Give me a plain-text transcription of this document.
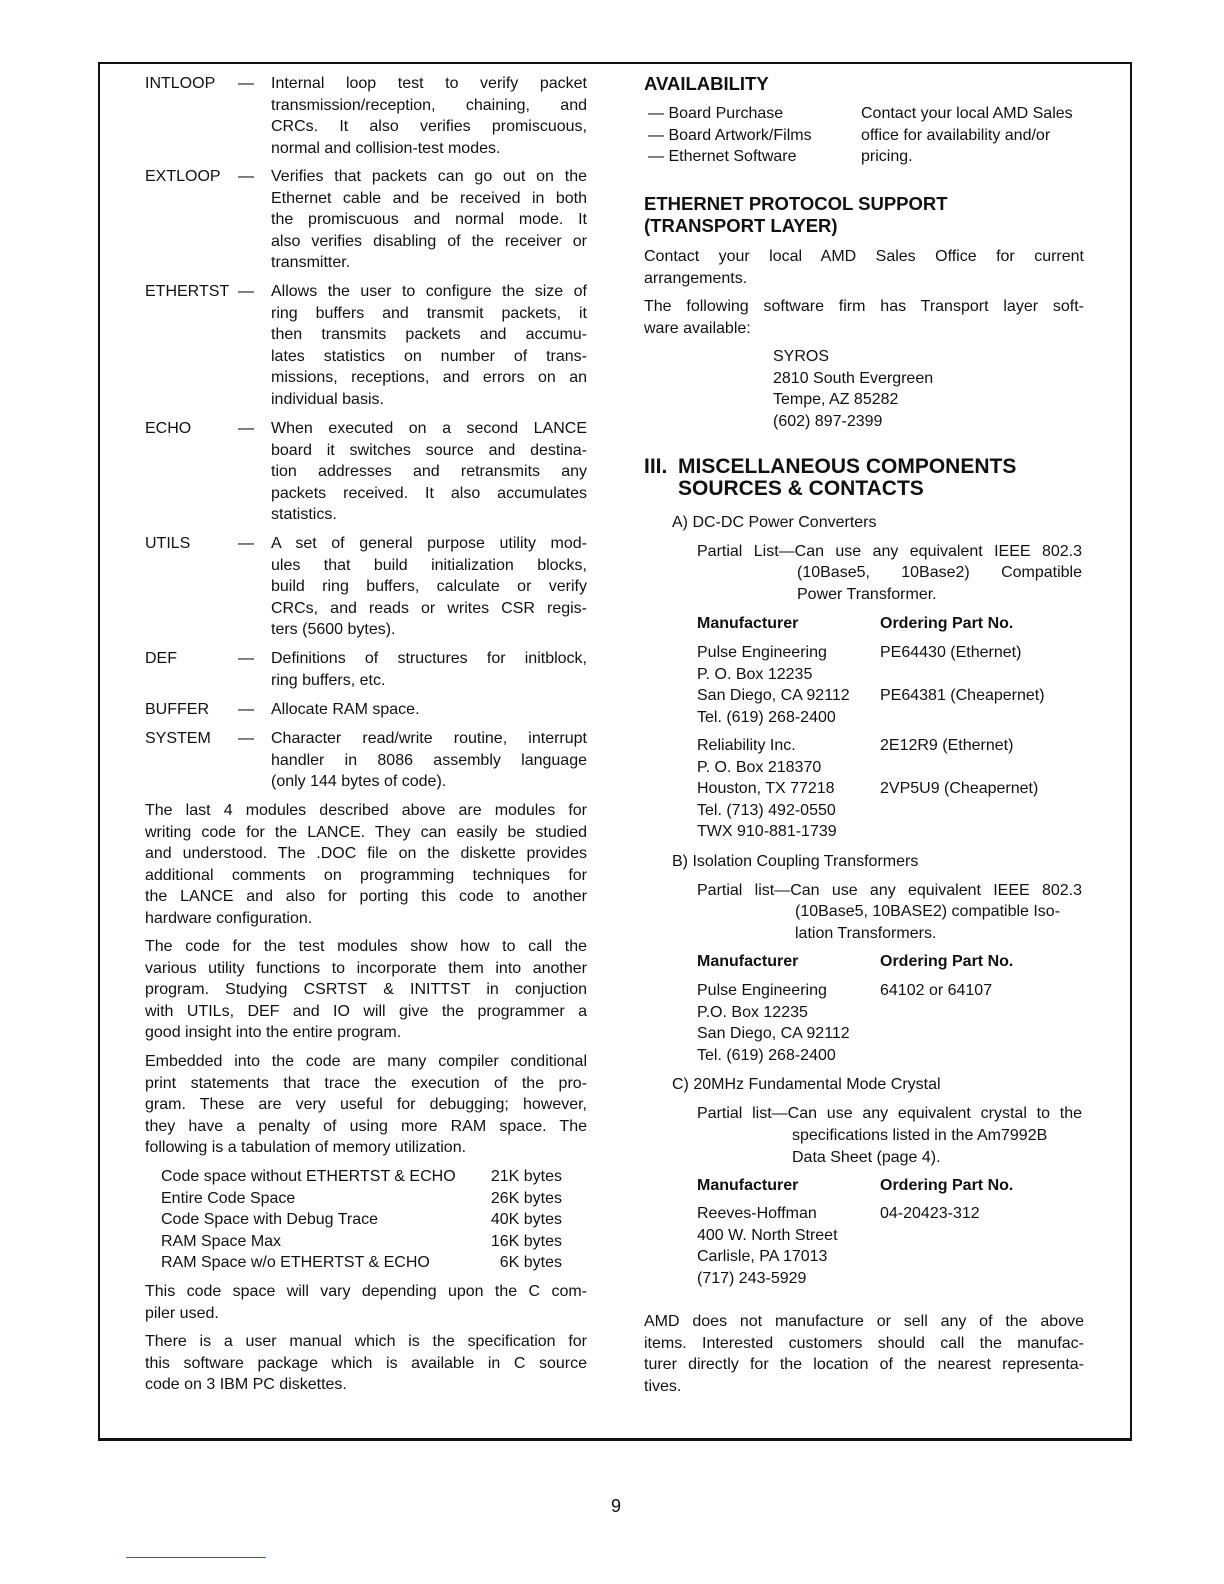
INTLOOP — Internal loop test to verify packet
transmission/reception, chaining, and
CRCs. It also verifies promiscuous,
normal and collision-test modes.
EXTLOOP — Verifies that packets can go out on the
Ethernet cable and be received in both
the promiscuous and normal mode. It
also verifies disabling of the receiver or
transmitter.
ETHERTST — Allows the user to configure the size of
ring buffers and transmit packets, it
then transmits packets and accumu-
lates statistics on number of trans-
missions, receptions, and errors on an
individual basis.
ECHO	— When executed on a second LANCE
board it switches source and destina-
tion addresses and retransmits any
packets received. It also accumulates
statistics.
UTILS	— A set of general purpose utility mod-
ules that build initialization blocks,
build ring buffers, calculate or verify
CRCs, and reads or writes CSR regis-
ters (5600 bytes).
DEF	— Definitions of structures for initblock,
ring buffers, etc.
BUFFER — Allocate RAM space.
SYSTEM — Character read/write routine, interrupt
handler in 8086 assembly language
(only 144 bytes of code).
The last 4 modules described above are modules for
writing code for the LANCE. They can easily be studied
and understood. The .DOC file on the diskette provides
additional comments on programming techniques for
the LANCE and also for porting this code to another
hardware configuration.
The code for the test modules show how to call the
various utility functions to incorporate them into another
program. Studying CSRTST & INITTST in conjuction
with UTILs, DEF and IO will give the programmer a
good insight into the entire program.
Embedded into the code are many compiler conditional
print statements that trace the execution of the pro-
gram. These are very useful for debugging; however,
they have a penalty of using more RAM space. The
following is a tabulation of memory utilization.
Code space without ETHERTST & ECHO 21K bytes
Entire Code Space	26K bytes
Code Space with Debug Trace	40K bytes
RAM Space Max	16K bytes
RAM Space w/o ETHERTST & ECHO	6K bytes
This code space will vary depending upon the C com-
piler used.
There is a user manual which is the specification for
this software package which is available in C source
code on 3 IBM PC diskettes.
AVAILABILITY
— Board Purchase
— Board Artwork/Films
— Ethernet Software
Contact your local AMD Sales
office for availability and/or
pricing.
ETHERNET PROTOCOL SUPPORT
(TRANSPORT LAYER)
Contact your local AMD Sales Office for current
arrangements.
The following software firm has Transport layer soft-
ware available:
SYROS
2810 South Evergreen
Tempe, AZ 85282
(602) 897-2399
III. MISCELLANEOUS COMPONENTS
SOURCES & CONTACTS
A) DC-DC Power Converters
Partial List—Can use any equivalent IEEE 802.3
(10Base5, 10Base2) Compatible
Power Transformer.
Manufacturer	Ordering Part No.
Pulse Engineering	PE64430 (Ethernet)
P. O. Box 12235
San Diego, CA 92112 PE64381 (Cheapernet)
Tel. (619) 268-2400
Reliability Inc.	2E12R9 (Ethernet)
P. O. Box 218370
Houston, TX 77218	2VP5U9 (Cheapernet)
Tel. (713) 492-0550
TWX 910-881-1739
B) Isolation Coupling Transformers
Partial list—Can use any equivalent IEEE 802.3
(10Base5, 10BASE2) compatible Iso-
lation Transformers.
Manufacturer	Ordering Part No.
Pulse Engineering	64102 or 64107
P.O. Box 12235
San Diego, CA 92112
Tel. (619) 268-2400
C) 20MHz Fundamental Mode Crystal
Partial list—Can use any equivalent crystal to the
specifications listed in the Am7992B
Data Sheet (page 4).
Manufacturer	Ordering Part No.
Reeves-Hoffman	04-20423-312
400 W. North Street
Carlisle, PA 17013
(717) 243-5929
AMD does not manufacture or sell any of the above
items. Interested customers should call the manufac-
turer directly for the location of the nearest representa-
tives.
9
